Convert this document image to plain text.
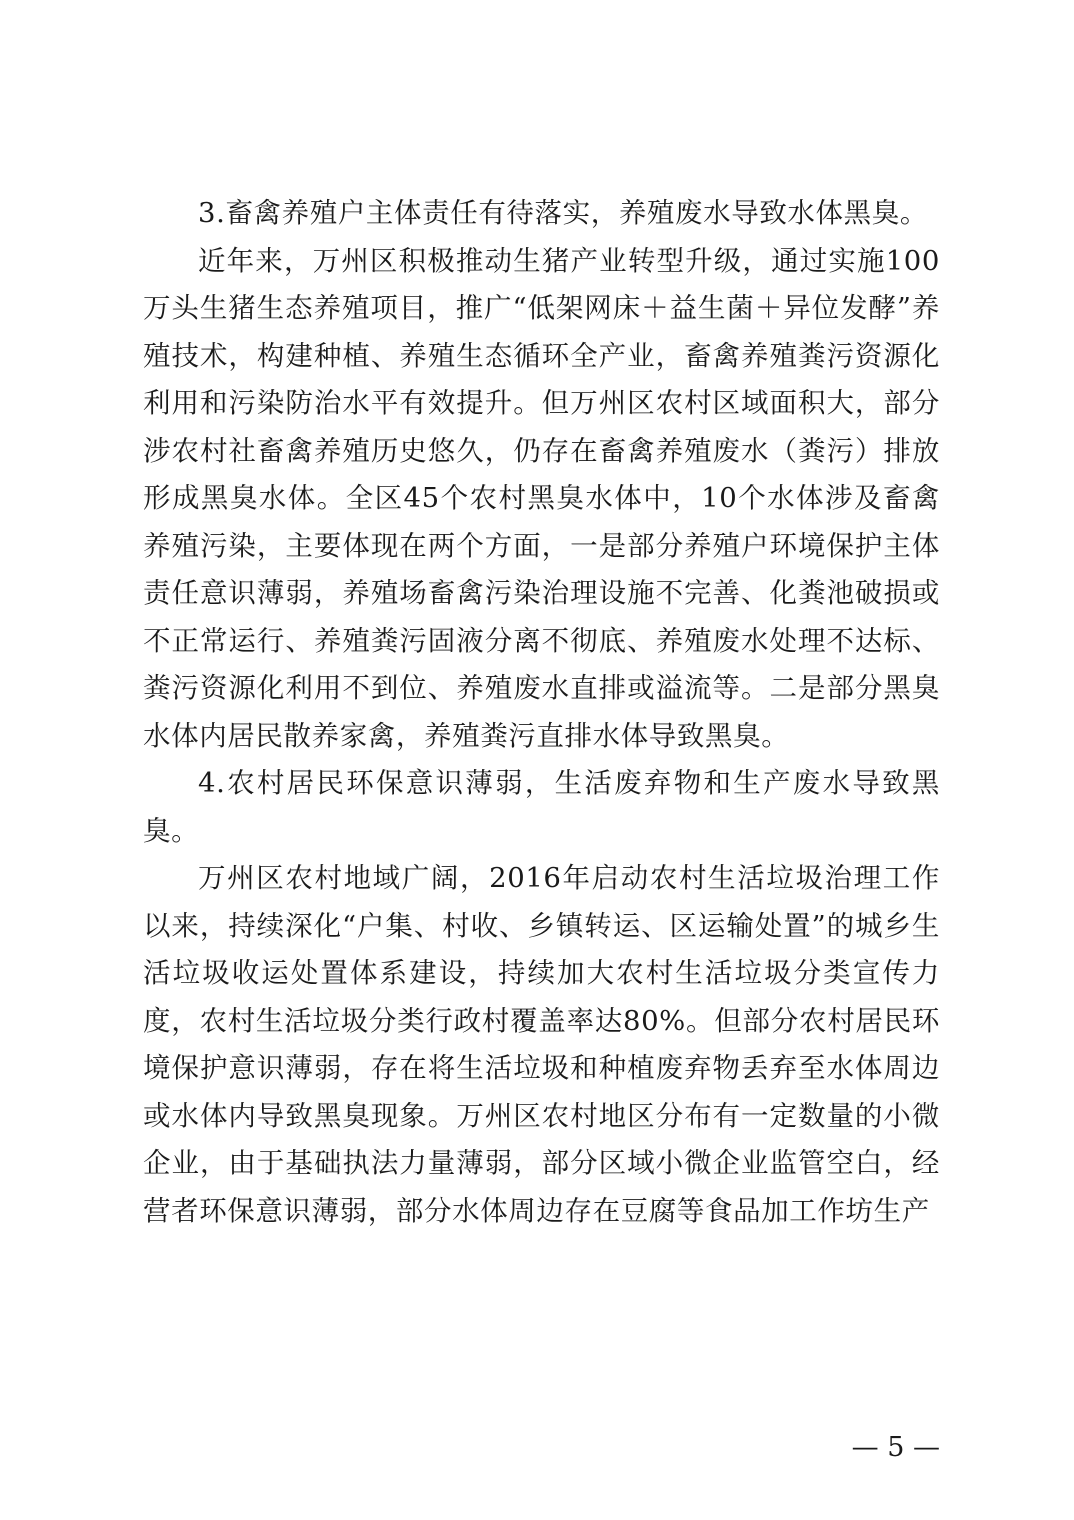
3.畜禽养殖户主体责任有待落实，养殖废水导致水体黑臭。

近年来，万州区积极推动生猪产业转型升级，通过实施100万头生猪生态养殖项目，推广“低架网床＋益生菌＋异位发酵”养殖技术，构建种植、养殖生态循环全产业，畜禽养殖粪污资源化利用和污染防治水平有效提升。但万州区农村区域面积大，部分涉农村社畜禽养殖历史悠久，仍存在畜禽养殖废水（粪污）排放形成黑臭水体。全区45个农村黑臭水体中，10个水体涉及畜禽养殖污染，主要体现在两个方面，一是部分养殖户环境保护主体责任意识薄弱，养殖场畜禽污染治理设施不完善、化粪池破损或不正常运行、养殖粪污固液分离不彻底、养殖废水处理不达标、粪污资源化利用不到位、养殖废水直排或溢流等。二是部分黑臭水体内居民散养家禽，养殖粪污直排水体导致黑臭。

4.农村居民环保意识薄弱，生活废弃物和生产废水导致黑臭。

万州区农村地域广阔，2016年启动农村生活垃圾治理工作以来，持续深化“户集、村收、乡镇转运、区运输处置”的城乡生活垃圾收运处置体系建设，持续加大农村生活垃圾分类宣传力度，农村生活垃圾分类行政村覆盖率达80%。但部分农村居民环境保护意识薄弱，存在将生活垃圾和种植废弃物丢弃至水体周边或水体内导致黑臭现象。万州区农村地区分布有一定数量的小微企业，由于基础执法力量薄弱，部分区域小微企业监管空白，经营者环保意识薄弱，部分水体周边存在豆腐等食品加工作坊生产

— 5 —
